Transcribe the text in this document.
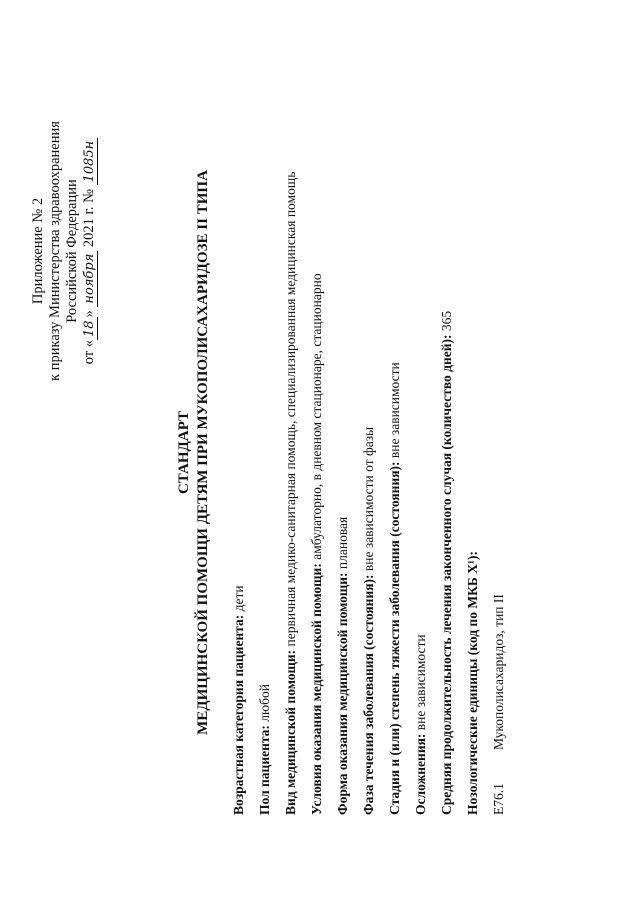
Приложение № 2 к приказу Министерства здравоохранения Российской Федерации
от «18» ноября 2021 г. № 1085н
СТАНДАРТ МЕДИЦИНСКОЙ ПОМОЩИ ДЕТЯМ ПРИ МУКОПОЛИСАХАРИДОЗЕ II ТИПА Возрастная категория пациента: дети
Пол пациента: любой Вид медицинской помощи: первичная медико-санитарная помощь, специализированная медицинская помощь
Условия оказания медицинской помощи: амбулаторно, в дневном стационаре, стационарно
Форма оказания медицинской помощи: плановая
Фаза течения заболевания (состояния): вне зависимости от фазы Стадия и (или) степень тяжести заболевания (состояния): вне зависимости
Осложнения: вне зависимости Средняя продолжительность лечения законченного случая (количество дней): 365
Нозологические единицы (код по МКБ X¹): E76.1
Мукополисахаридоз, тип II
